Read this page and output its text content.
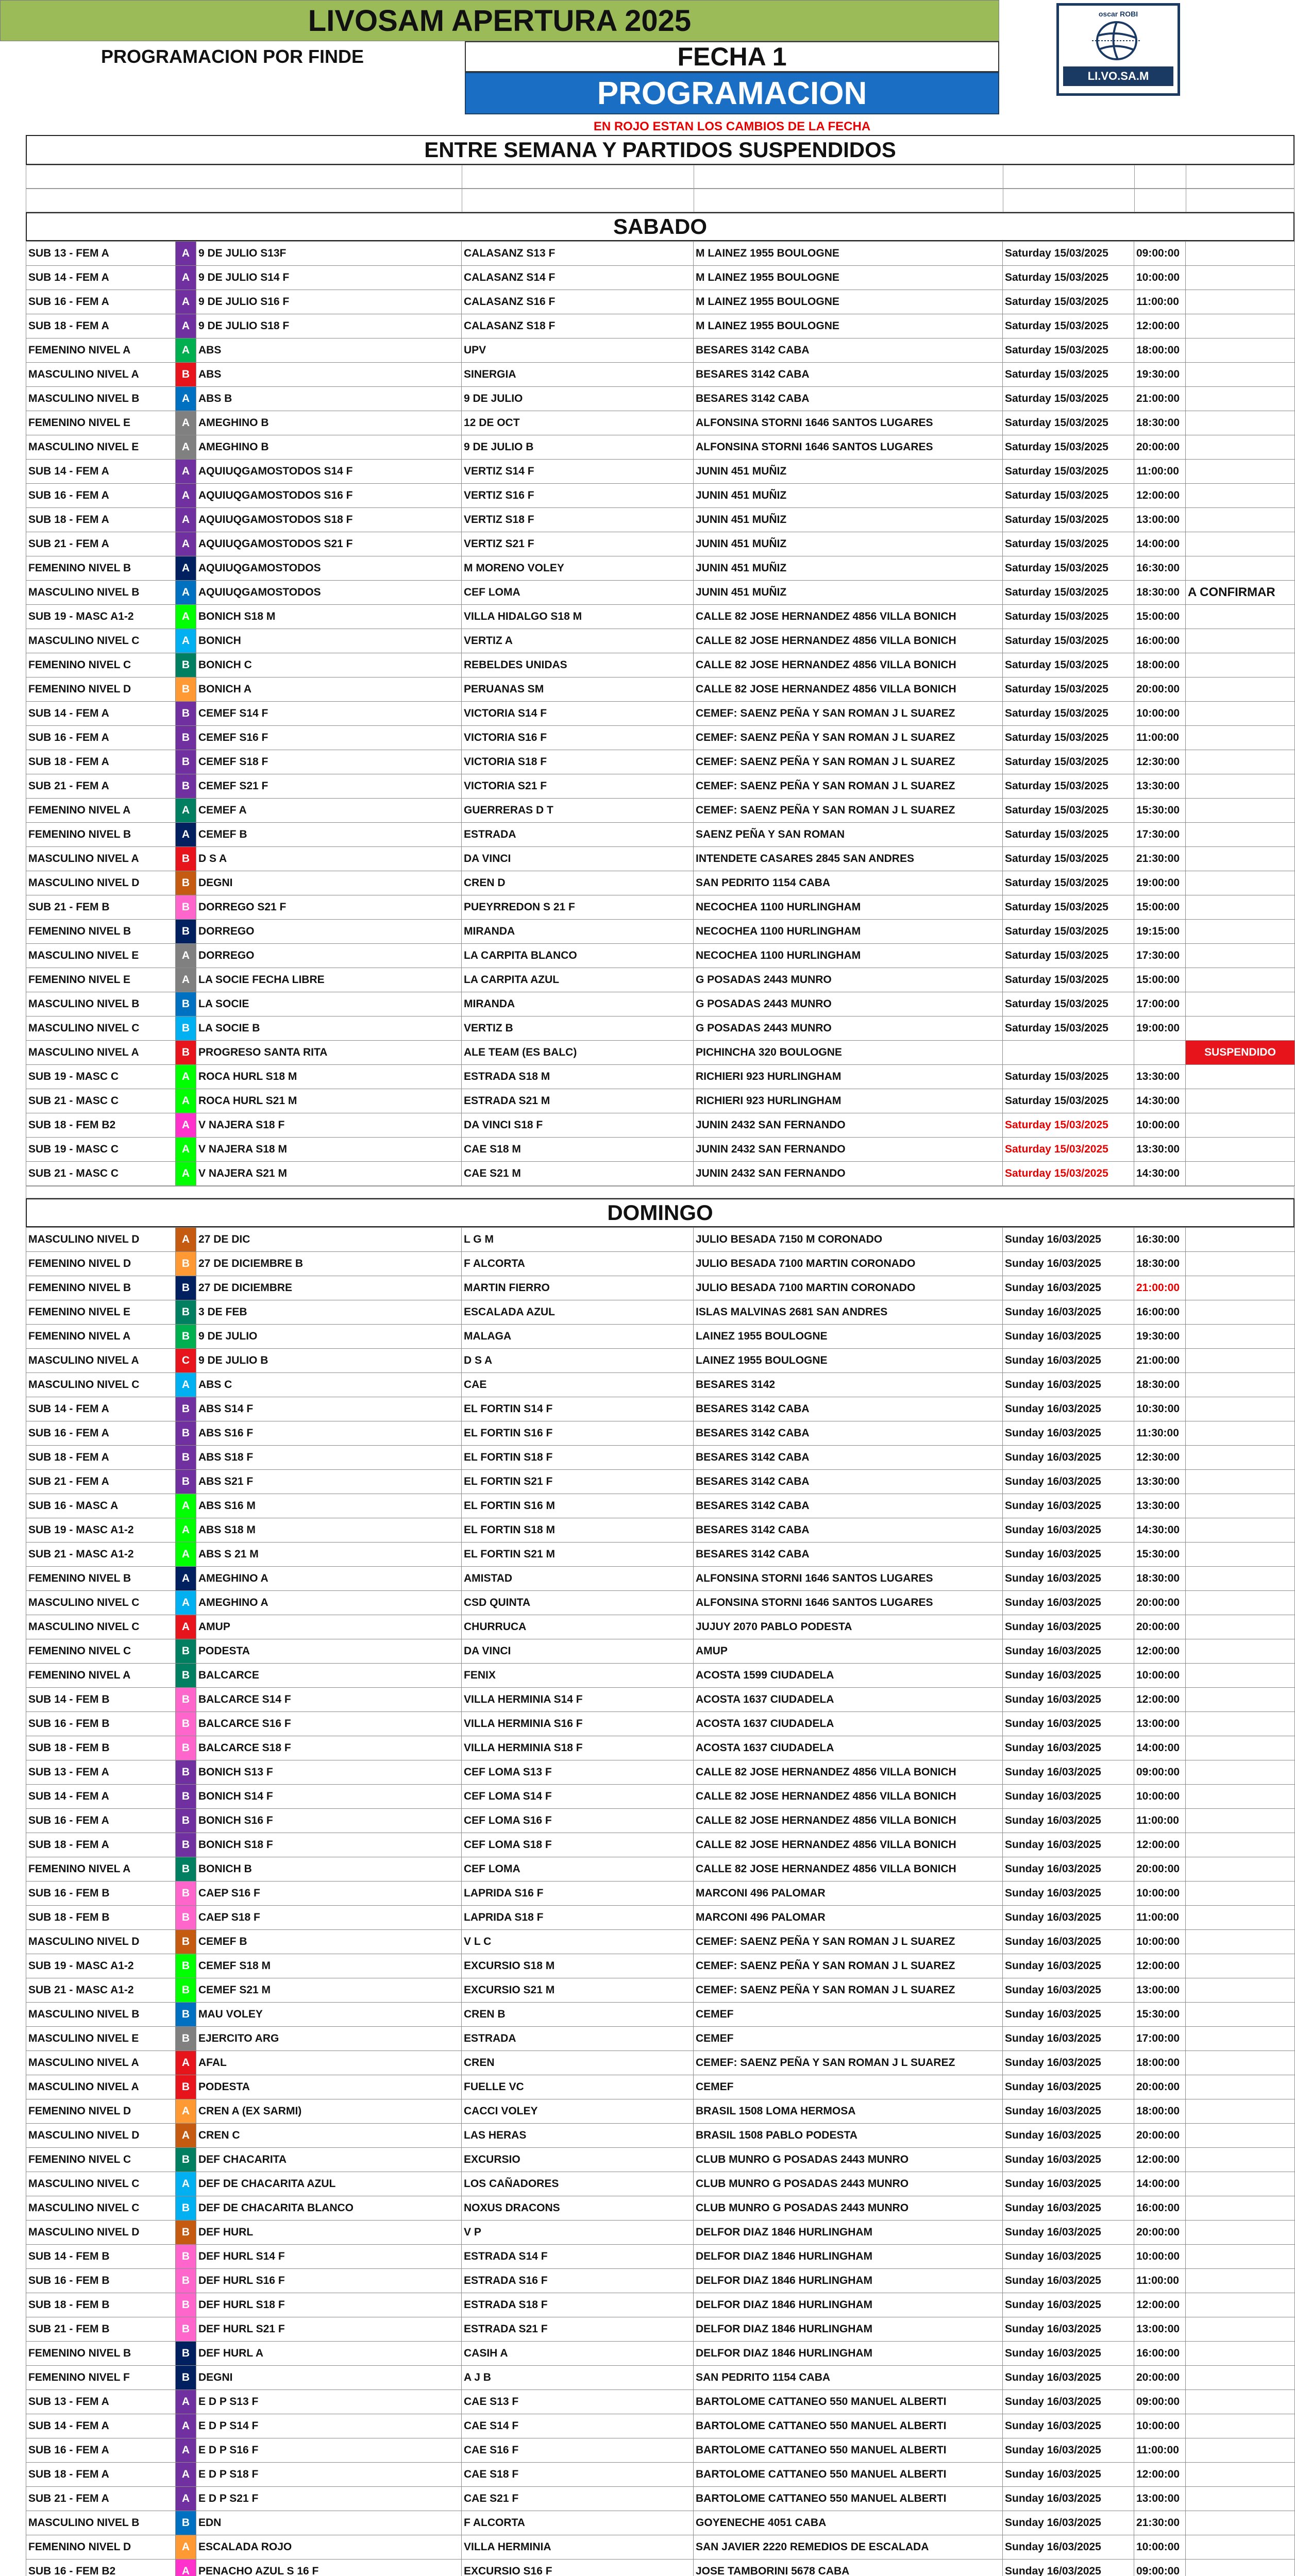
LIVOSAM APERTURA 2025
PROGRAMACION POR FINDE	FECHA 1
PROGRAMACION
oscar ROBI
LI.VO.SA.M
EN ROJO ESTAN LOS CAMBIOS DE LA FECHA
ENTRE SEMANA Y PARTIDOS SUSPENDIDOS
SABADO
SUB 13 - FEM A	A	9 DE JULIO S13F	CALASANZ S13 F	M LAINEZ 1955 BOULOGNE	Saturday 15/03/2025	09:00:00	
SUB 14 - FEM A	A	9 DE JULIO S14 F	CALASANZ S14 F	M LAINEZ 1955 BOULOGNE	Saturday 15/03/2025	10:00:00	
SUB 16 - FEM A	A	9 DE JULIO S16 F	CALASANZ S16 F	M LAINEZ 1955 BOULOGNE	Saturday 15/03/2025	11:00:00	
SUB 18 - FEM A	A	9 DE JULIO S18 F	CALASANZ S18 F	M LAINEZ 1955 BOULOGNE	Saturday 15/03/2025	12:00:00	
FEMENINO NIVEL A	A	ABS	UPV	BESARES 3142 CABA	Saturday 15/03/2025	18:00:00	
MASCULINO NIVEL A	B	ABS	SINERGIA	BESARES 3142 CABA	Saturday 15/03/2025	19:30:00	
MASCULINO NIVEL B	A	ABS B	9 DE JULIO	BESARES 3142 CABA	Saturday 15/03/2025	21:00:00	
FEMENINO NIVEL E	A	AMEGHINO B	12 DE OCT	ALFONSINA STORNI 1646 SANTOS LUGARES	Saturday 15/03/2025	18:30:00	
MASCULINO NIVEL E	A	AMEGHINO B	9 DE JULIO B	ALFONSINA STORNI 1646 SANTOS LUGARES	Saturday 15/03/2025	20:00:00	
SUB 14 - FEM A	A	AQUIUQGAMOSTODOS S14 F	VERTIZ S14 F	JUNIN 451 MUÑIZ	Saturday 15/03/2025	11:00:00	
SUB 16 - FEM A	A	AQUIUQGAMOSTODOS S16 F	VERTIZ S16 F	JUNIN 451 MUÑIZ	Saturday 15/03/2025	12:00:00	
SUB 18 - FEM A	A	AQUIUQGAMOSTODOS S18 F	VERTIZ S18 F	JUNIN 451 MUÑIZ	Saturday 15/03/2025	13:00:00	
SUB 21 - FEM A	A	AQUIUQGAMOSTODOS S21 F	VERTIZ S21 F	JUNIN 451 MUÑIZ	Saturday 15/03/2025	14:00:00	
FEMENINO NIVEL B	A	AQUIUQGAMOSTODOS	M MORENO VOLEY	JUNIN 451 MUÑIZ	Saturday 15/03/2025	16:30:00	
MASCULINO NIVEL B	A	AQUIUQGAMOSTODOS	CEF LOMA	JUNIN 451 MUÑIZ	Saturday 15/03/2025	18:30:00	A CONFIRMAR
SUB 19 - MASC A1-2	A	BONICH S18 M	VILLA HIDALGO S18 M	CALLE 82 JOSE HERNANDEZ 4856 VILLA BONICH	Saturday 15/03/2025	15:00:00	
MASCULINO NIVEL C	A	BONICH	VERTIZ A	CALLE 82 JOSE HERNANDEZ 4856 VILLA BONICH	Saturday 15/03/2025	16:00:00	
FEMENINO NIVEL C	B	BONICH C	REBELDES UNIDAS	CALLE 82 JOSE HERNANDEZ 4856 VILLA BONICH	Saturday 15/03/2025	18:00:00	
FEMENINO NIVEL D	B	BONICH A	PERUANAS SM	CALLE 82 JOSE HERNANDEZ 4856 VILLA BONICH	Saturday 15/03/2025	20:00:00	
SUB 14 - FEM A	B	CEMEF S14 F	VICTORIA S14 F	CEMEF: SAENZ PEÑA Y SAN ROMAN J L SUAREZ	Saturday 15/03/2025	10:00:00	
SUB 16 - FEM A	B	CEMEF S16 F	VICTORIA S16 F	CEMEF: SAENZ PEÑA Y SAN ROMAN J L SUAREZ	Saturday 15/03/2025	11:00:00	
SUB 18 - FEM A	B	CEMEF S18 F	VICTORIA S18 F	CEMEF: SAENZ PEÑA Y SAN ROMAN J L SUAREZ	Saturday 15/03/2025	12:30:00	
SUB 21 - FEM A	B	CEMEF S21 F	VICTORIA S21 F	CEMEF: SAENZ PEÑA Y SAN ROMAN J L SUAREZ	Saturday 15/03/2025	13:30:00	
FEMENINO NIVEL A	A	CEMEF A	GUERRERAS D T	CEMEF: SAENZ PEÑA Y SAN ROMAN J L SUAREZ	Saturday 15/03/2025	15:30:00	
FEMENINO NIVEL B	A	CEMEF B	ESTRADA	SAENZ PEÑA Y SAN ROMAN	Saturday 15/03/2025	17:30:00	
MASCULINO NIVEL A	B	D S A	DA VINCI	INTENDETE CASARES 2845 SAN ANDRES	Saturday 15/03/2025	21:30:00	
MASCULINO NIVEL D	B	DEGNI	CREN D	SAN PEDRITO 1154 CABA	Saturday 15/03/2025	19:00:00	
SUB 21 - FEM B	B	DORREGO S21 F	PUEYRREDON S 21 F	NECOCHEA 1100 HURLINGHAM	Saturday 15/03/2025	15:00:00	
FEMENINO NIVEL B	B	DORREGO	MIRANDA	NECOCHEA 1100 HURLINGHAM	Saturday 15/03/2025	19:15:00	
MASCULINO NIVEL E	A	DORREGO	LA CARPITA BLANCO	NECOCHEA 1100 HURLINGHAM	Saturday 15/03/2025	17:30:00	
FEMENINO NIVEL E	A	LA SOCIE FECHA LIBRE	LA CARPITA AZUL	G POSADAS 2443 MUNRO	Saturday 15/03/2025	15:00:00	
MASCULINO NIVEL B	B	LA SOCIE	MIRANDA	G POSADAS 2443 MUNRO	Saturday 15/03/2025	17:00:00	
MASCULINO NIVEL C	B	LA SOCIE B	VERTIZ B	G POSADAS 2443 MUNRO	Saturday 15/03/2025	19:00:00	
MASCULINO NIVEL A	B	PROGRESO SANTA RITA	ALE TEAM (ES BALC)	PICHINCHA 320 BOULOGNE			SUSPENDIDO
SUB 19 - MASC C	A	ROCA HURL S18 M	ESTRADA S18 M	RICHIERI 923 HURLINGHAM	Saturday 15/03/2025	13:30:00	
SUB 21 - MASC C	A	ROCA HURL S21 M	ESTRADA S21 M	RICHIERI 923 HURLINGHAM	Saturday 15/03/2025	14:30:00	
SUB 18 - FEM B2	A	V NAJERA S18 F	DA VINCI S18 F	JUNIN 2432 SAN FERNANDO	Saturday 15/03/2025	10:00:00	
SUB 19 - MASC C	A	V NAJERA S18 M	CAE S18 M	JUNIN 2432 SAN FERNANDO	Saturday 15/03/2025	13:30:00	
SUB 21 - MASC C	A	V NAJERA S21 M	CAE S21 M	JUNIN 2432 SAN FERNANDO	Saturday 15/03/2025	14:30:00	
DOMINGO
MASCULINO NIVEL D	A	27 DE DIC	L G M	JULIO BESADA 7150 M CORONADO	Sunday 16/03/2025	16:30:00	
FEMENINO NIVEL D	B	27 DE DICIEMBRE B	F ALCORTA	JULIO BESADA 7100 MARTIN CORONADO	Sunday 16/03/2025	18:30:00	
FEMENINO NIVEL B	B	27 DE DICIEMBRE	MARTIN FIERRO	JULIO BESADA 7100 MARTIN CORONADO	Sunday 16/03/2025	21:00:00	
FEMENINO NIVEL E	B	3 DE FEB	ESCALADA AZUL	ISLAS MALVINAS 2681 SAN ANDRES	Sunday 16/03/2025	16:00:00	
FEMENINO NIVEL A	B	9 DE JULIO	MALAGA	LAINEZ 1955 BOULOGNE	Sunday 16/03/2025	19:30:00	
MASCULINO NIVEL A	C	9 DE JULIO B	D S A	LAINEZ 1955 BOULOGNE	Sunday 16/03/2025	21:00:00	
MASCULINO NIVEL C	A	ABS C	CAE	BESARES 3142	Sunday 16/03/2025	18:30:00	
SUB 14 - FEM A	B	ABS S14 F	EL FORTIN S14 F	BESARES 3142 CABA	Sunday 16/03/2025	10:30:00	
SUB 16 - FEM A	B	ABS S16 F	EL FORTIN S16 F	BESARES 3142 CABA	Sunday 16/03/2025	11:30:00	
SUB 18 - FEM A	B	ABS S18 F	EL FORTIN S18 F	BESARES 3142 CABA	Sunday 16/03/2025	12:30:00	
SUB 21 - FEM A	B	ABS S21 F	EL FORTIN S21 F	BESARES 3142 CABA	Sunday 16/03/2025	13:30:00	
SUB 16 - MASC A	A	ABS S16 M	EL FORTIN S16 M	BESARES 3142 CABA	Sunday 16/03/2025	13:30:00	
SUB 19 - MASC A1-2	A	ABS S18 M	EL FORTIN S18 M	BESARES 3142 CABA	Sunday 16/03/2025	14:30:00	
SUB 21 - MASC A1-2	A	ABS S 21 M	EL FORTIN S21 M	BESARES 3142 CABA	Sunday 16/03/2025	15:30:00	
FEMENINO NIVEL B	A	AMEGHINO A	AMISTAD	ALFONSINA STORNI 1646 SANTOS LUGARES	Sunday 16/03/2025	18:30:00	
MASCULINO NIVEL C	A	AMEGHINO A	CSD QUINTA	ALFONSINA STORNI 1646 SANTOS LUGARES	Sunday 16/03/2025	20:00:00	
MASCULINO NIVEL C	A	AMUP	CHURRUCA	JUJUY 2070 PABLO PODESTA	Sunday 16/03/2025	20:00:00	
FEMENINO NIVEL C	B	PODESTA	DA VINCI	AMUP	Sunday 16/03/2025	12:00:00	
FEMENINO NIVEL A	B	BALCARCE	FENIX	ACOSTA 1599 CIUDADELA	Sunday 16/03/2025	10:00:00	
SUB 14 - FEM B	B	BALCARCE S14 F	VILLA HERMINIA S14 F	ACOSTA 1637 CIUDADELA	Sunday 16/03/2025	12:00:00	
SUB 16 - FEM B	B	BALCARCE S16 F	VILLA HERMINIA S16 F	ACOSTA 1637 CIUDADELA	Sunday 16/03/2025	13:00:00	
SUB 18 - FEM B	B	BALCARCE S18 F	VILLA HERMINIA S18 F	ACOSTA 1637 CIUDADELA	Sunday 16/03/2025	14:00:00	
SUB 13 - FEM A	B	BONICH S13 F	CEF LOMA S13 F	CALLE 82 JOSE HERNANDEZ 4856 VILLA BONICH	Sunday 16/03/2025	09:00:00	
SUB 14 - FEM A	B	BONICH S14 F	CEF LOMA S14 F	CALLE 82 JOSE HERNANDEZ 4856 VILLA BONICH	Sunday 16/03/2025	10:00:00	
SUB 16 - FEM A	B	BONICH S16 F	CEF LOMA S16 F	CALLE 82 JOSE HERNANDEZ 4856 VILLA BONICH	Sunday 16/03/2025	11:00:00	
SUB 18 - FEM A	B	BONICH S18 F	CEF LOMA S18 F	CALLE 82 JOSE HERNANDEZ 4856 VILLA BONICH	Sunday 16/03/2025	12:00:00	
FEMENINO NIVEL A	B	BONICH B	CEF LOMA	CALLE 82 JOSE HERNANDEZ 4856 VILLA BONICH	Sunday 16/03/2025	20:00:00	
SUB 16 - FEM B	B	CAEP S16 F	LAPRIDA S16 F	MARCONI 496 PALOMAR	Sunday 16/03/2025	10:00:00	
SUB 18 - FEM B	B	CAEP S18 F	LAPRIDA S18 F	MARCONI 496 PALOMAR	Sunday 16/03/2025	11:00:00	
MASCULINO NIVEL D	B	CEMEF B	V L C	CEMEF: SAENZ PEÑA Y SAN ROMAN J L SUAREZ	Sunday 16/03/2025	10:00:00	
SUB 19 - MASC A1-2	B	CEMEF S18 M	EXCURSIO S18 M	CEMEF: SAENZ PEÑA Y SAN ROMAN J L SUAREZ	Sunday 16/03/2025	12:00:00	
SUB 21 - MASC A1-2	B	CEMEF S21 M	EXCURSIO S21 M	CEMEF: SAENZ PEÑA Y SAN ROMAN J L SUAREZ	Sunday 16/03/2025	13:00:00	
MASCULINO NIVEL B	B	MAU VOLEY	CREN B	CEMEF	Sunday 16/03/2025	15:30:00	
MASCULINO NIVEL E	B	EJERCITO ARG	ESTRADA	CEMEF	Sunday 16/03/2025	17:00:00	
MASCULINO NIVEL A	A	AFAL	CREN	CEMEF: SAENZ PEÑA Y SAN ROMAN J L SUAREZ	Sunday 16/03/2025	18:00:00	
MASCULINO NIVEL A	B	PODESTA	FUELLE VC	CEMEF	Sunday 16/03/2025	20:00:00	
FEMENINO NIVEL D	A	CREN A (EX SARMI)	CACCI VOLEY	BRASIL 1508 LOMA HERMOSA	Sunday 16/03/2025	18:00:00	
MASCULINO NIVEL D	A	CREN C	LAS HERAS	BRASIL 1508 PABLO PODESTA	Sunday 16/03/2025	20:00:00	
FEMENINO NIVEL C	B	DEF CHACARITA	EXCURSIO	CLUB MUNRO G POSADAS 2443 MUNRO	Sunday 16/03/2025	12:00:00	
MASCULINO NIVEL C	A	DEF DE CHACARITA AZUL	LOS CAÑADORES	CLUB MUNRO G POSADAS 2443 MUNRO	Sunday 16/03/2025	14:00:00	
MASCULINO NIVEL C	B	DEF DE CHACARITA BLANCO	NOXUS DRACONS	CLUB MUNRO G POSADAS 2443 MUNRO	Sunday 16/03/2025	16:00:00	
MASCULINO NIVEL D	B	DEF HURL	V P	DELFOR DIAZ 1846 HURLINGHAM	Sunday 16/03/2025	20:00:00	
SUB 14 - FEM B	B	DEF HURL S14 F	ESTRADA S14 F	DELFOR DIAZ 1846 HURLINGHAM	Sunday 16/03/2025	10:00:00	
SUB 16 - FEM B	B	DEF HURL S16 F	ESTRADA S16 F	DELFOR DIAZ 1846 HURLINGHAM	Sunday 16/03/2025	11:00:00	
SUB 18 - FEM B	B	DEF HURL S18 F	ESTRADA S18 F	DELFOR DIAZ 1846 HURLINGHAM	Sunday 16/03/2025	12:00:00	
SUB 21 - FEM B	B	DEF HURL S21 F	ESTRADA S21 F	DELFOR DIAZ 1846 HURLINGHAM	Sunday 16/03/2025	13:00:00	
FEMENINO NIVEL B	B	DEF HURL A	CASIH A	DELFOR DIAZ 1846 HURLINGHAM	Sunday 16/03/2025	16:00:00	
FEMENINO NIVEL F	B	DEGNI	A J B	SAN PEDRITO 1154 CABA	Sunday 16/03/2025	20:00:00	
SUB 13 - FEM A	A	E D P S13 F	CAE S13 F	BARTOLOME CATTANEO 550 MANUEL ALBERTI	Sunday 16/03/2025	09:00:00	
SUB 14 - FEM A	A	E D P S14 F	CAE S14 F	BARTOLOME CATTANEO 550 MANUEL ALBERTI	Sunday 16/03/2025	10:00:00	
SUB 16 - FEM A	A	E D P S16 F	CAE S16 F	BARTOLOME CATTANEO 550 MANUEL ALBERTI	Sunday 16/03/2025	11:00:00	
SUB 18 - FEM A	A	E D P S18 F	CAE S18 F	BARTOLOME CATTANEO 550 MANUEL ALBERTI	Sunday 16/03/2025	12:00:00	
SUB 21 - FEM A	A	E D P S21 F	CAE S21 F	BARTOLOME CATTANEO 550 MANUEL ALBERTI	Sunday 16/03/2025	13:00:00	
MASCULINO NIVEL B	B	EDN	F ALCORTA	GOYENECHE 4051 CABA	Sunday 16/03/2025	21:30:00	
FEMENINO NIVEL D	A	ESCALADA ROJO	VILLA HERMINIA	SAN JAVIER 2220 REMEDIOS DE ESCALADA	Sunday 16/03/2025	10:00:00	
SUB 16 - FEM B2	A	PENACHO AZUL S 16 F	EXCURSIO S16 F	JOSE TAMBORINI 5678 CABA	Sunday 16/03/2025	09:00:00	
